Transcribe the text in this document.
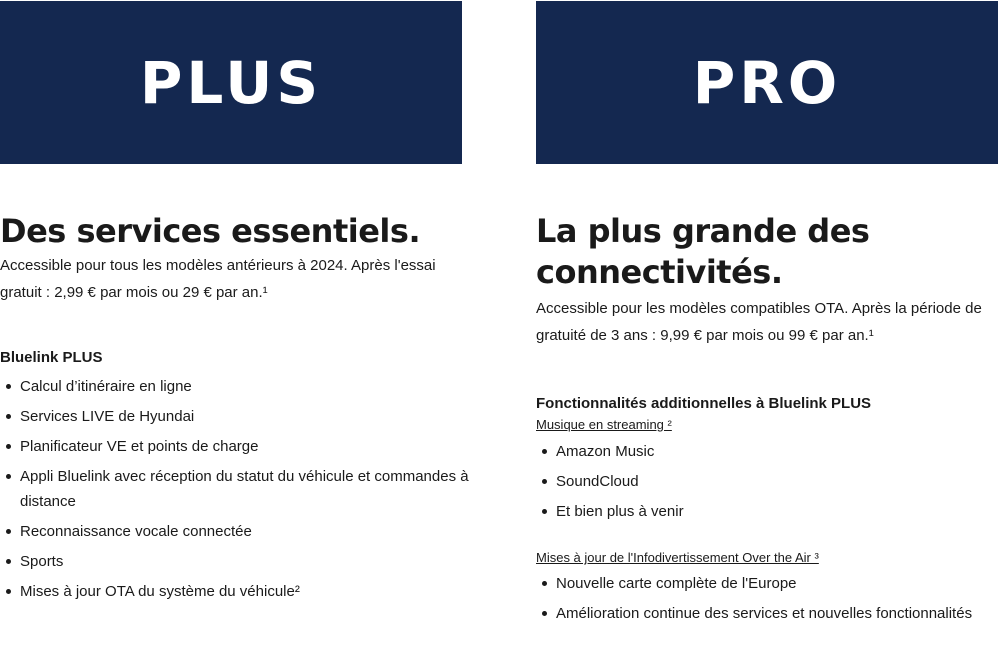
PLUS
Des services essentiels.

Accessible pour tous les modèles antérieurs à 2024. Après l'essai gratuit : 2,99 € par mois ou 29 € par an.¹

Bluelink PLUS
Calcul d’itinéraire en ligne
Services LIVE de Hyundai
Planificateur VE et points de charge
Appli Bluelink avec réception du statut du véhicule et commandes à distance
Reconnaissance vocale connectée
Sports
Mises à jour OTA du système du véhicule²
PRO
La plus grande des connectivités.

Accessible pour les modèles compatibles OTA. Après la période de gratuité de 3 ans : 9,99 € par mois ou 99 € par an.¹

Fonctionnalités additionnelles à Bluelink PLUS
Musique en streaming ²
Amazon Music
SoundCloud
Et bien plus à venir
Mises à jour de l'Infodivertissement Over the Air ³
Nouvelle carte complète de l'Europe
Amélioration continue des services et nouvelles fonctionnalités
